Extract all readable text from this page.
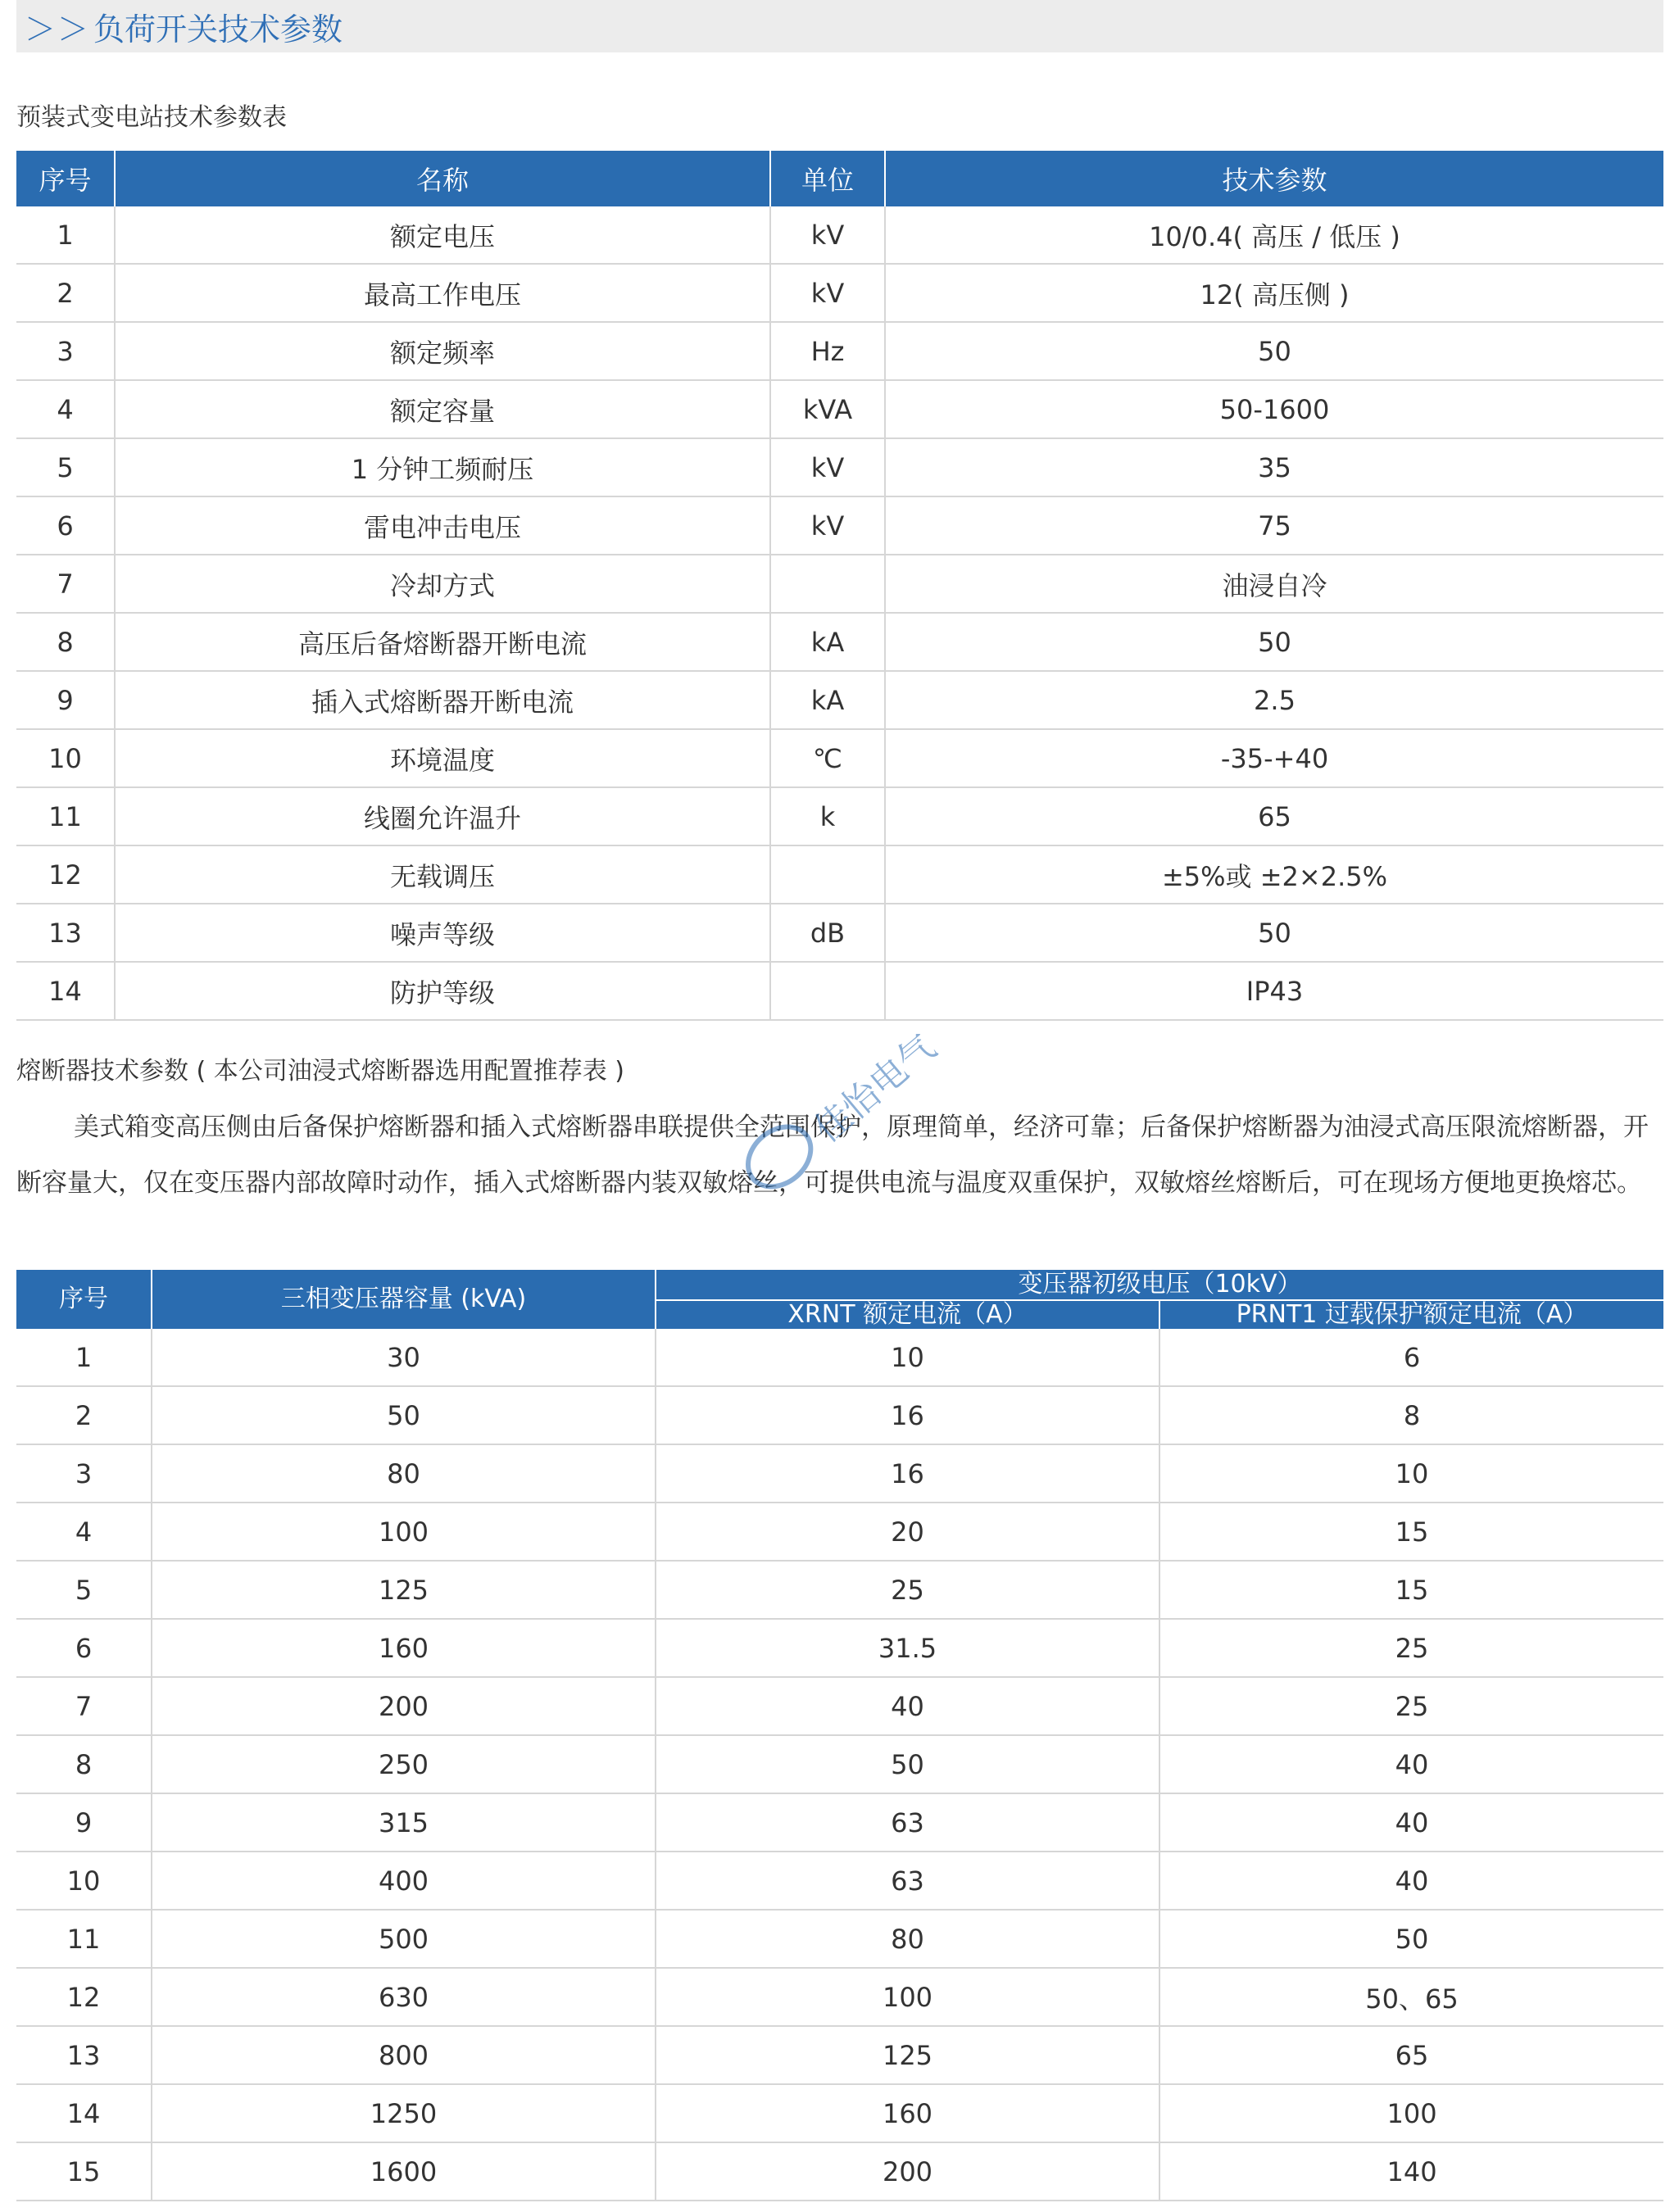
＞＞ 负荷开关技术参数
预装式变电站技术参数表
序号	名称	单位	技术参数
1	额定电压	kV	10/0.4( 高压 / 低压 )
2	最高工作电压	kV	12( 高压侧 )
3	额定频率	Hz	50
4	额定容量	kVA	50-1600
5	1 分钟工频耐压	kV	35
6	雷电冲击电压	kV	75
7	冷却方式		油浸自冷
8	高压后备熔断器开断电流	kA	50
9	插入式熔断器开断电流	kA	2.5
10	环境温度	℃	-35-+40
11	线圈允许温升	k	65
12	无载调压		±5%或 ±2×2.5%
13	噪声等级	dB	50
14	防护等级		IP43
熔断器技术参数 ( 本公司油浸式熔断器选用配置推荐表 )
美式箱变高压侧由后备保护熔断器和插入式熔断器串联提供全范围保护，原理简单，经济可靠；后备保护熔断器为油浸式高压限流熔断器，开断容量大，仅在变压器内部故障时动作，插入式熔断器内装双敏熔丝，可提供电流与温度双重保护，双敏熔丝熔断后，可在现场方便地更换熔芯。
序号	三相变压器容量 (kVA)	变压器初级电压（10kV）	
		XRNT 额定电流（A）	PRNT1 过载保护额定电流（A）
1	30	10	6
2	50	16	8
3	80	16	10
4	100	20	15
5	125	25	15
6	160	31.5	25
7	200	40	25
8	250	50	40
9	315	63	40
10	400	63	40
11	500	80	50
12	630	100	50、65
13	800	125	65
14	1250	160	100
15	1600	200	140
佳怡电气
